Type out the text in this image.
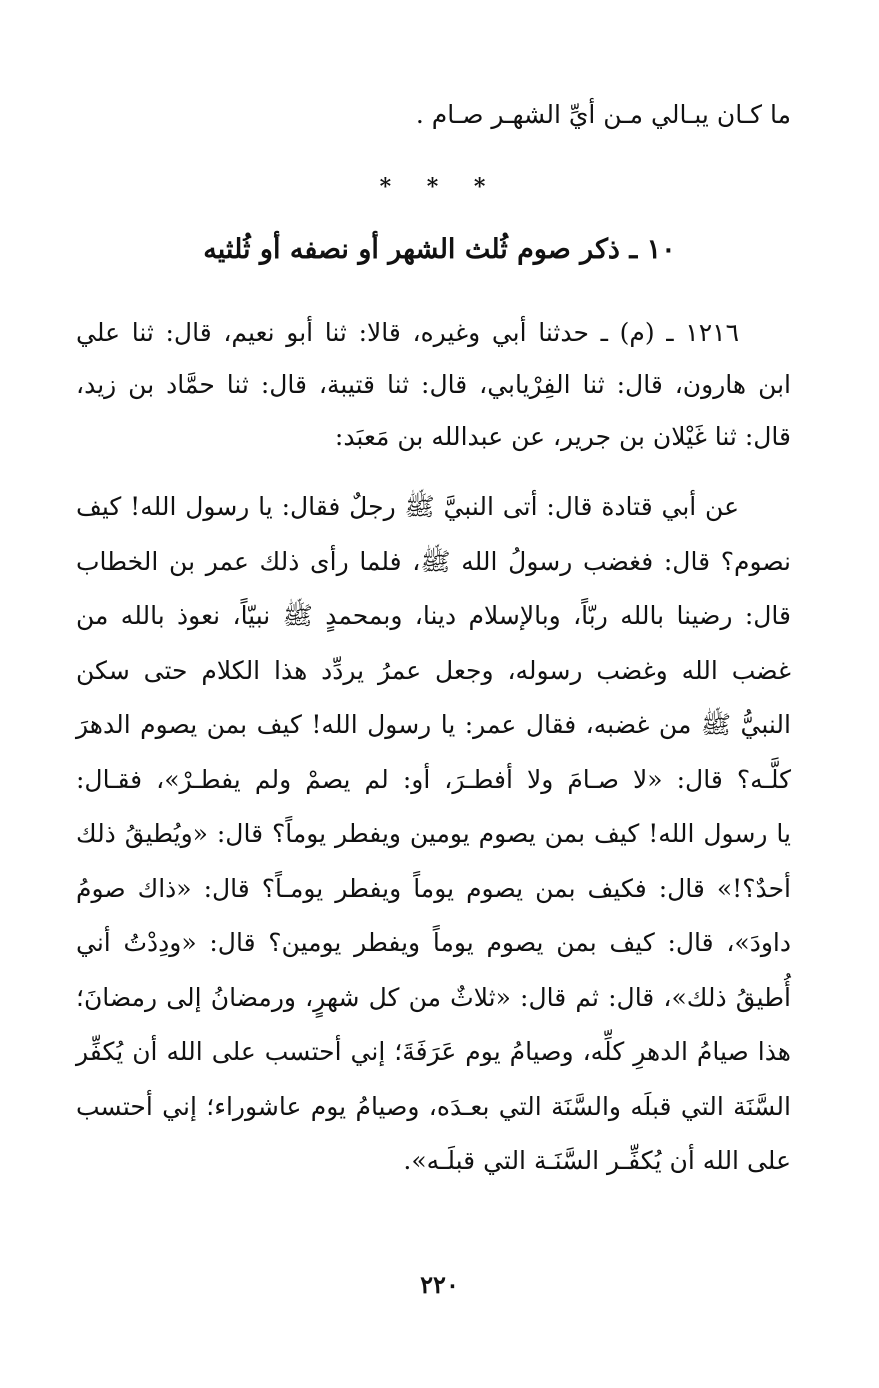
ما كـان يبـالي مـن أيِّ الشهـر صـام .
* * *
١٠ ـ ذكر صوم ثُلث الشهر أو نصفه أو ثُلثيه
١٢١٦ ـ (م) ـ حدثنا أبي وغيره، قالا: ثنا أبو نعيم، قال: ثنا علي
ابن هارون، قال: ثنا الفِرْيابي، قال: ثنا قتيبة، قال: ثنا حمَّاد بن زيد،
قال: ثنا غَيْلان بن جرير، عن عبدالله بن مَعبَد:
عن أبي قتادة قال: أتى النبيَّ ﷺ رجلٌ فقال: يا رسول الله! كيف
نصوم؟ قال: فغضب رسولُ الله ﷺ، فلما رأى ذلك عمر بن الخطاب
قال: رضينا بالله ربّاً، وبالإسلام دينا، وبمحمدٍ ﷺ نبيّاً، نعوذ بالله من
غضب الله وغضب رسوله، وجعل عمرُ يردِّد هذا الكلام حتى سكن
النبيُّ ﷺ من غضبه، فقال عمر: يا رسول الله! كيف بمن يصوم الدهرَ
كلَّـه؟ قال: «لا صـامَ ولا أفطـرَ، أو: لم يصمْ ولم يفطـرْ»، فقـال:
يا رسول الله! كيف بمن يصوم يومين ويفطر يوماً؟ قال: «ويُطيقُ ذلك
أحدٌ؟!» قال: فكيف بمن يصوم يوماً ويفطر يومـاً؟ قال: «ذاك صومُ
داودَ»، قال: كيف بمن يصوم يوماً ويفطر يومين؟ قال: «ودِدْتُ أني
أُطيقُ ذلك»، قال: ثم قال: «ثلاثٌ من كل شهرٍ، ورمضانُ إلى رمضانَ؛
هذا صيامُ الدهرِ كلِّه، وصيامُ يوم عَرَفَةَ؛ إني أحتسب على الله أن يُكفِّر
السَّنَة التي قبلَه والسَّنَة التي بعـدَه، وصيامُ يوم عاشوراء؛ إني أحتسب
على الله أن يُكفِّـر السَّنَـة التي قبلَـه».
٢٢٠
